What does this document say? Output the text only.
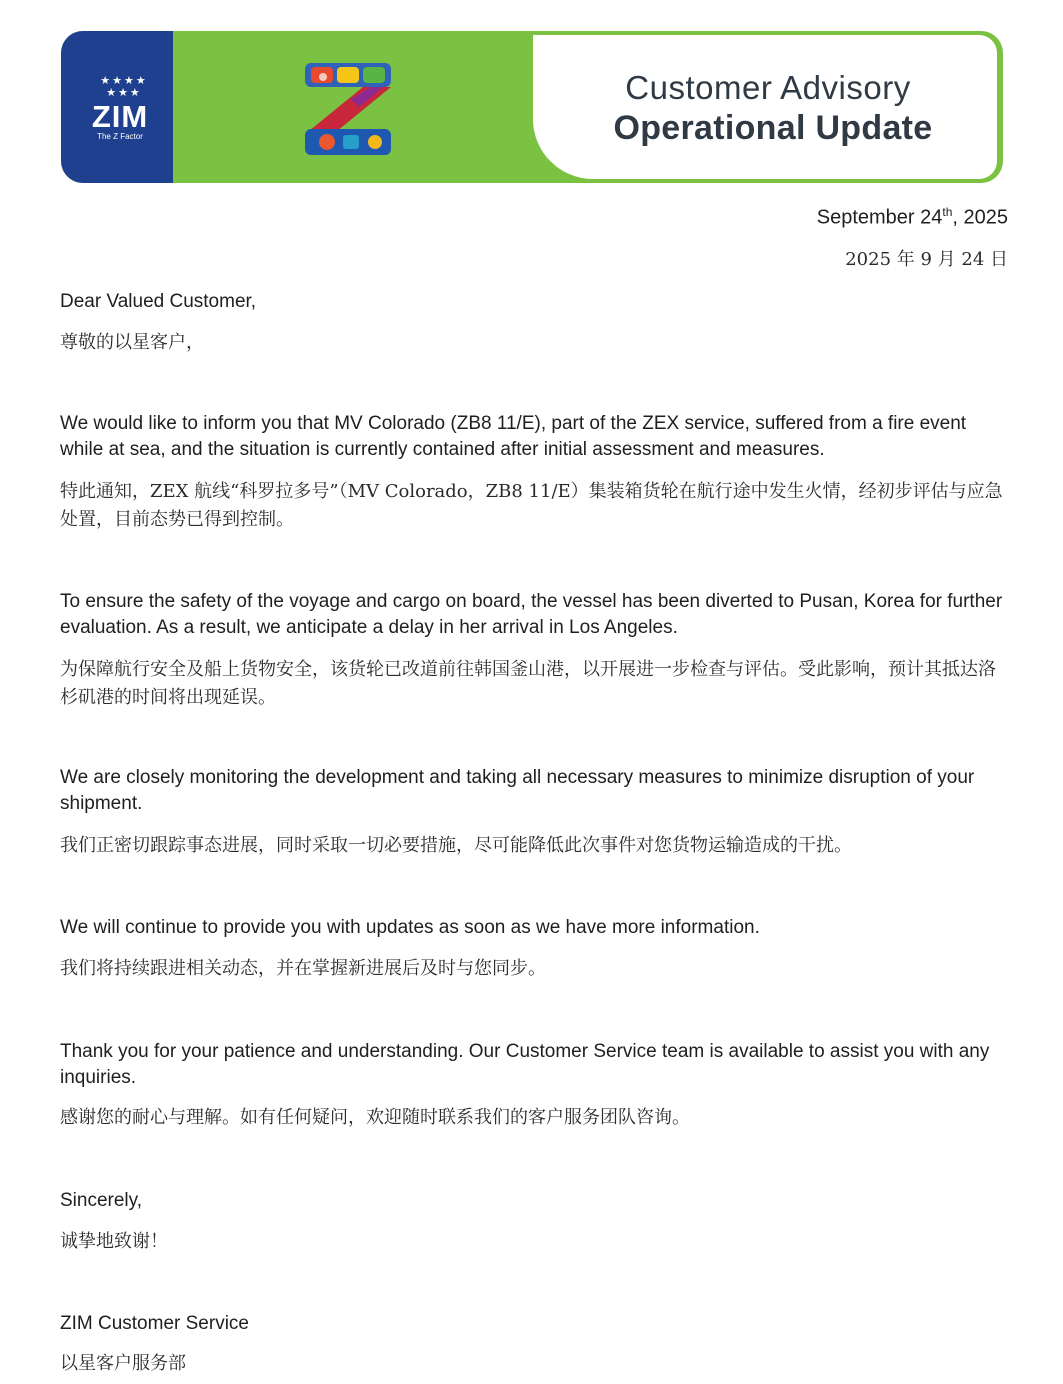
★★★★
★★★
ZIM
The Z Factor
Customer Advisory
Operational Update
September 24th, 2025
2025 年 9 月 24 日

Dear Valued Customer,

尊敬的以星客户，

We would like to inform you that MV Colorado (ZB8 11/E), part of the ZEX service, suffered from a fire event while at sea, and the situation is currently contained after initial assessment and measures.

特此通知，ZEX 航线“科罗拉多号”（MV Colorado，ZB8 11/E）集装箱货轮在航行途中发生火情，经初步评估与应急处置，目前态势已得到控制。

To ensure the safety of the voyage and cargo on board, the vessel has been diverted to Pusan, Korea for further evaluation. As a result, we anticipate a delay in her arrival in Los Angeles.

为保障航行安全及船上货物安全，该货轮已改道前往韩国釜山港，以开展进一步检查与评估。受此影响，预计其抵达洛杉矶港的时间将出现延误。

We are closely monitoring the development and taking all necessary measures to minimize disruption of your shipment.

我们正密切跟踪事态进展，同时采取一切必要措施，尽可能降低此次事件对您货物运输造成的干扰。

We will continue to provide you with updates as soon as we have more information.

我们将持续跟进相关动态，并在掌握新进展后及时与您同步。

Thank you for your patience and understanding. Our Customer Service team is available to assist you with any inquiries.

感谢您的耐心与理解。如有任何疑问，欢迎随时联系我们的客户服务团队咨询。

Sincerely,

诚挚地致谢！

ZIM Customer Service

以星客户服务部
